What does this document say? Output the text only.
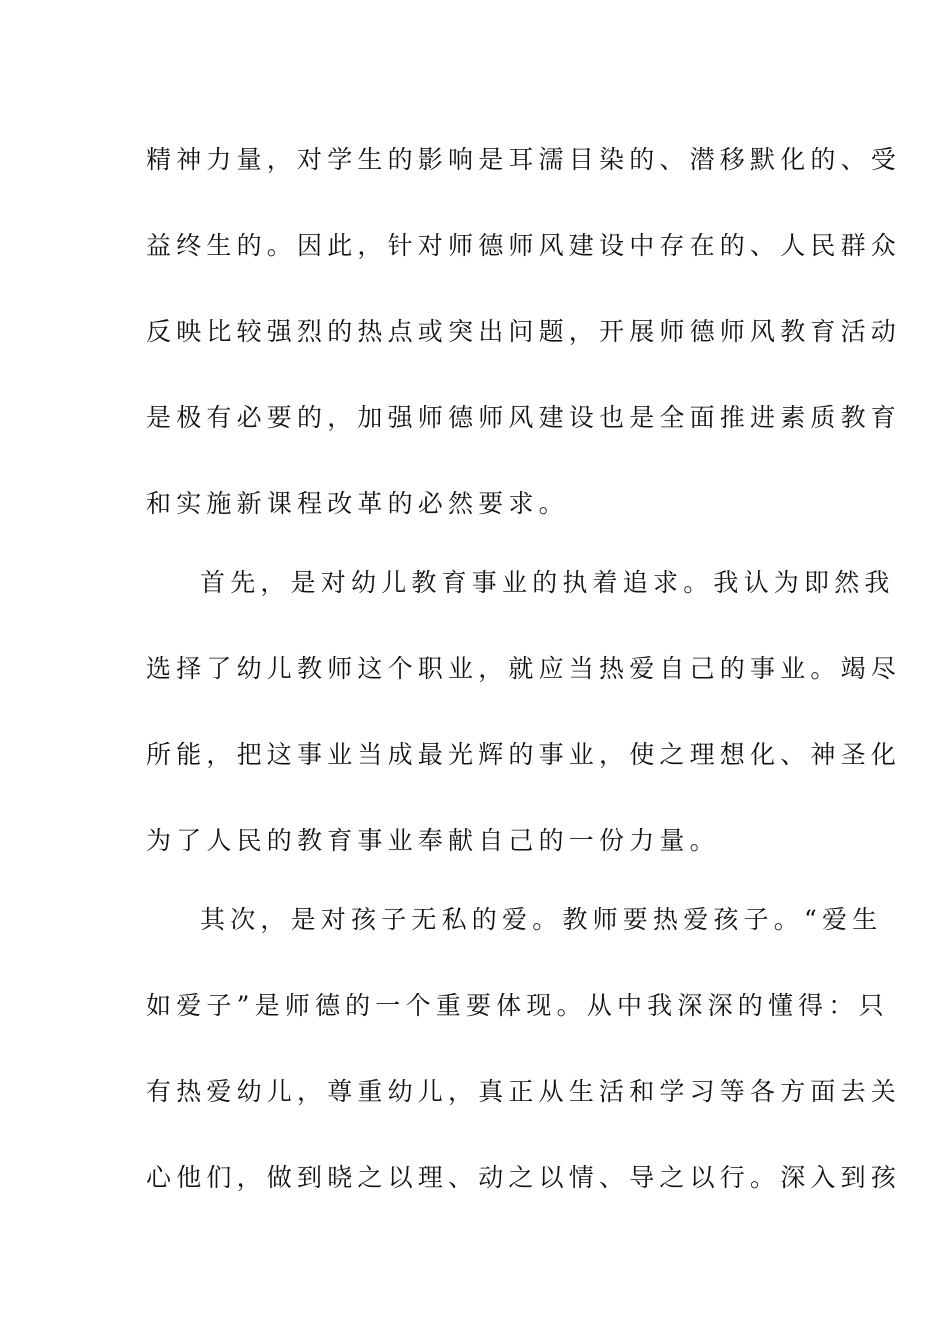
精神力量，对学生的影响是耳濡目染的、潜移默化的、受
益终生的。因此，针对师德师风建设中存在的、人民群众
反映比较强烈的热点或突出问题，开展师德师风教育活动
是极有必要的，加强师德师风建设也是全面推进素质教育
和实施新课程改革的必然要求。
首先，是对幼儿教育事业的执着追求。我认为即然我
选择了幼儿教师这个职业，就应当热爱自己的事业。竭尽
所能，把这事业当成最光辉的事业，使之理想化、神圣化
为了人民的教育事业奉献自己的一份力量。
其次，是对孩子无私的爱。教师要热爱孩子。“爱生
如爱子”是师德的一个重要体现。从中我深深的懂得：只
有热爱幼儿，尊重幼儿，真正从生活和学习等各方面去关
心他们，做到晓之以理、动之以情、导之以行。深入到孩
